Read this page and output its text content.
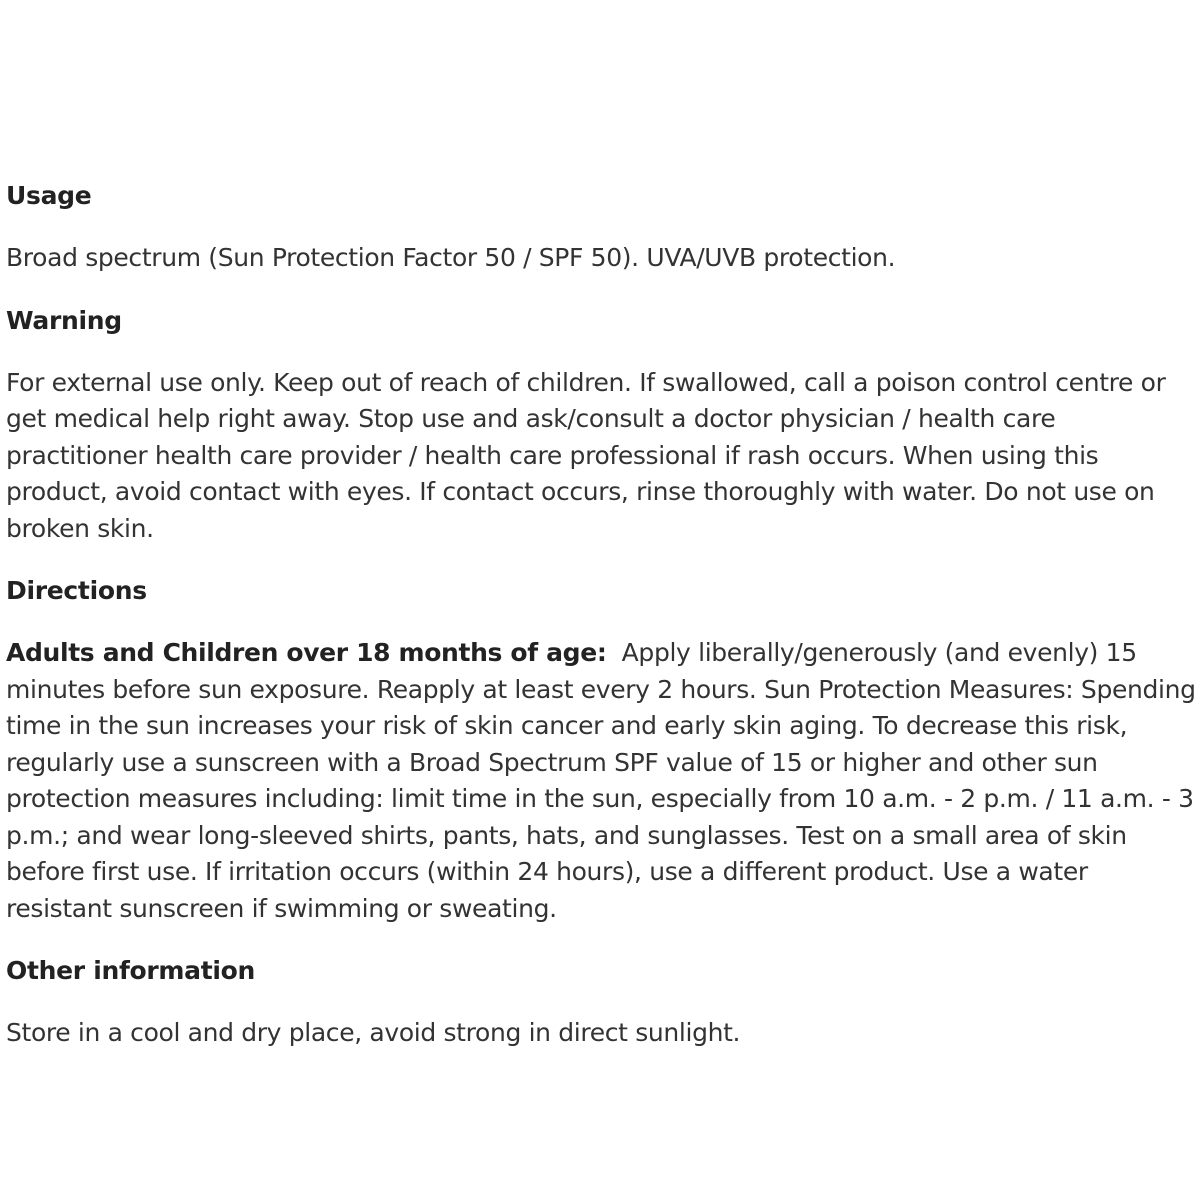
Usage

Broad spectrum (Sun Protection Factor 50 / SPF 50). UVA/UVB protection.

Warning

For external use only. Keep out of reach of children. If swallowed, call a poison control centre or get medical help right away. Stop use and ask/consult a doctor physician / health care practitioner health care provider / health care professional if rash occurs. When using this product, avoid contact with eyes. If contact occurs, rinse thoroughly with water. Do not use on broken skin.

Directions

Adults and Children over 18 months of age: Apply liberally/generously (and evenly) 15 minutes before sun exposure. Reapply at least every 2 hours. Sun Protection Measures: Spending time in the sun increases your risk of skin cancer and early skin aging. To decrease this risk, regularly use a sunscreen with a Broad Spectrum SPF value of 15 or higher and other sun protection measures including: limit time in the sun, especially from 10 a.m. - 2 p.m. / 11 a.m. - 3 p.m.; and wear long-sleeved shirts, pants, hats, and sunglasses. Test on a small area of skin before first use. If irritation occurs (within 24 hours), use a different product. Use a water resistant sunscreen if swimming or sweating.

Other information

Store in a cool and dry place, avoid strong in direct sunlight.
